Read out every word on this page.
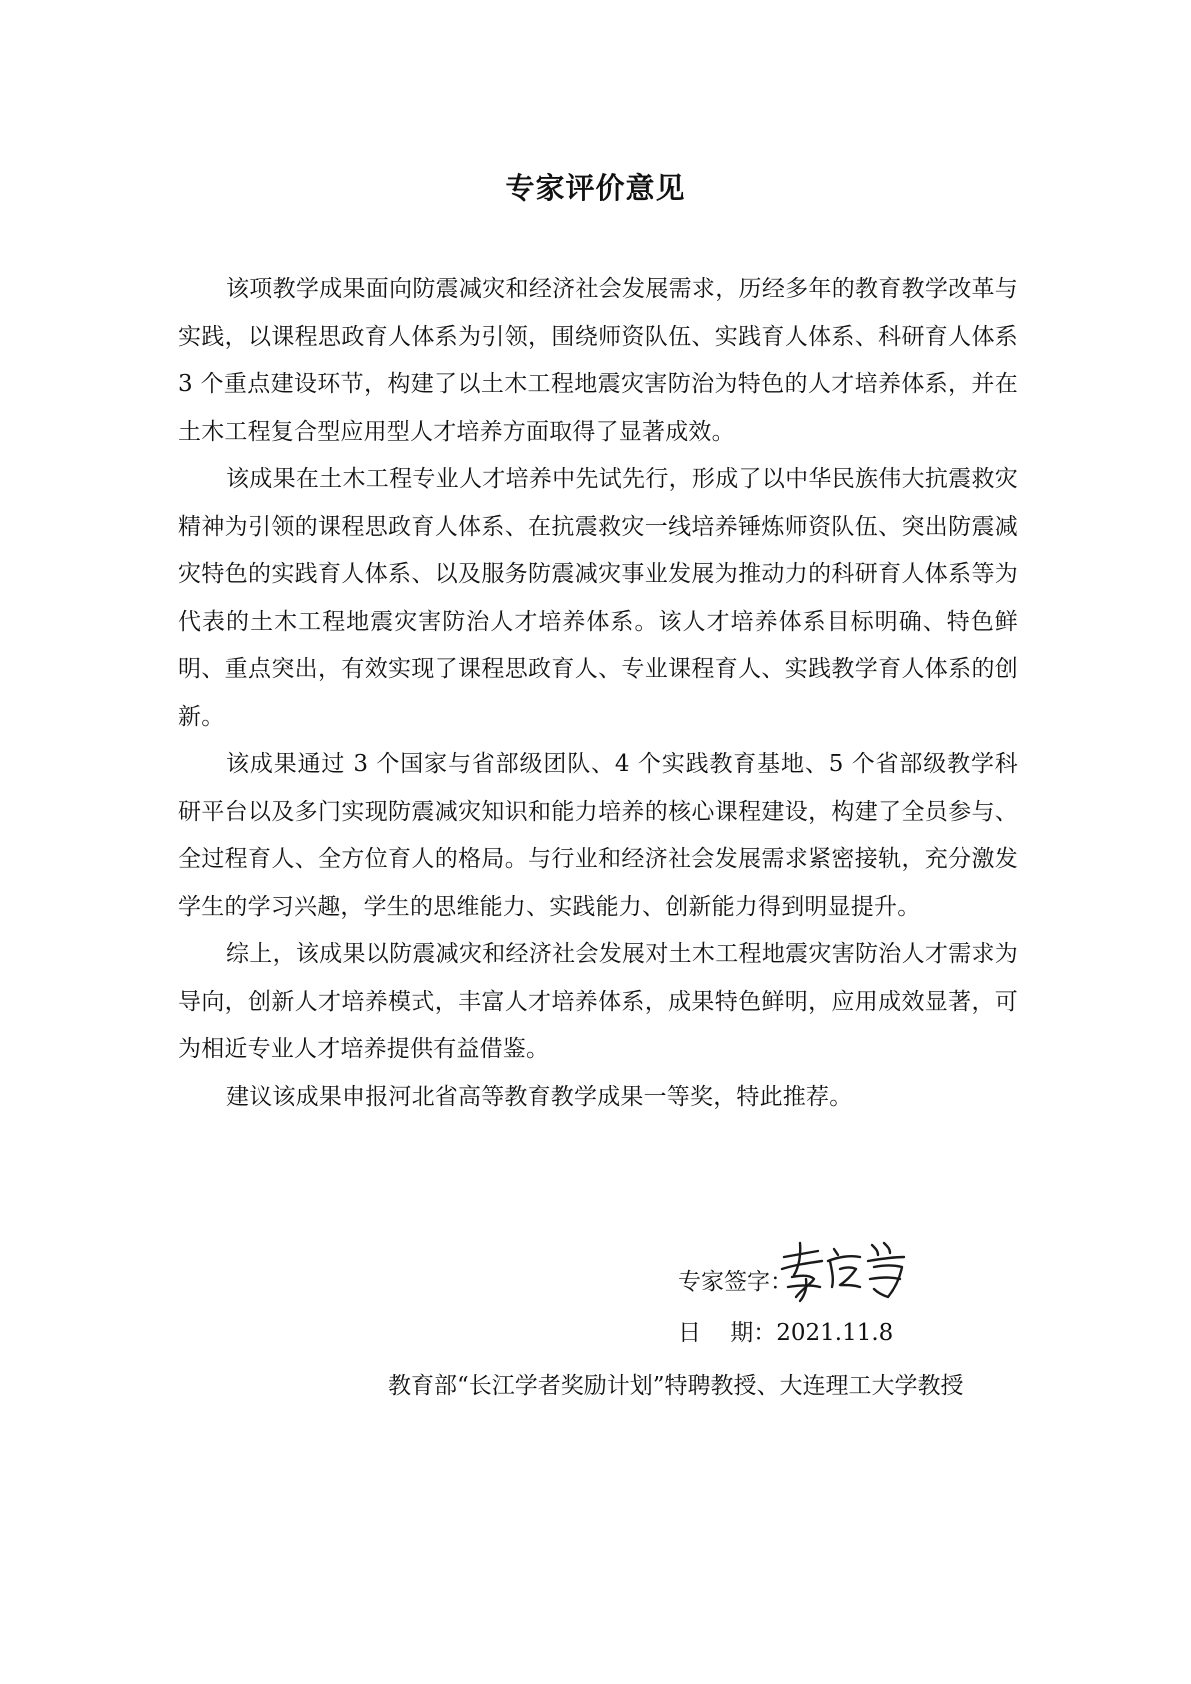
专家评价意见

该项教学成果面向防震减灾和经济社会发展需求，历经多年的教育教学改革与实践，以课程思政育人体系为引领，围绕师资队伍、实践育人体系、科研育人体系 3 个重点建设环节，构建了以土木工程地震灾害防治为特色的人才培养体系，并在土木工程复合型应用型人才培养方面取得了显著成效。

该成果在土木工程专业人才培养中先试先行，形成了以中华民族伟大抗震救灾精神为引领的课程思政育人体系、在抗震救灾一线培养锤炼师资队伍、突出防震减灾特色的实践育人体系、以及服务防震减灾事业发展为推动力的科研育人体系等为代表的土木工程地震灾害防治人才培养体系。该人才培养体系目标明确、特色鲜明、重点突出，有效实现了课程思政育人、专业课程育人、实践教学育人体系的创新。

该成果通过 3 个国家与省部级团队、4 个实践教育基地、5 个省部级教学科研平台以及多门实现防震减灾知识和能力培养的核心课程建设，构建了全员参与、全过程育人、全方位育人的格局。与行业和经济社会发展需求紧密接轨，充分激发学生的学习兴趣，学生的思维能力、实践能力、创新能力得到明显提升。

综上，该成果以防震减灾和经济社会发展对土木工程地震灾害防治人才需求为导向，创新人才培养模式，丰富人才培养体系，成果特色鲜明，应用成效显著，可为相近专业人才培养提供有益借鉴。

建议该成果申报河北省高等教育教学成果一等奖，特此推荐。

专家签字：
日    期：2021.11.8
教育部“长江学者奖励计划”特聘教授、大连理工大学教授
